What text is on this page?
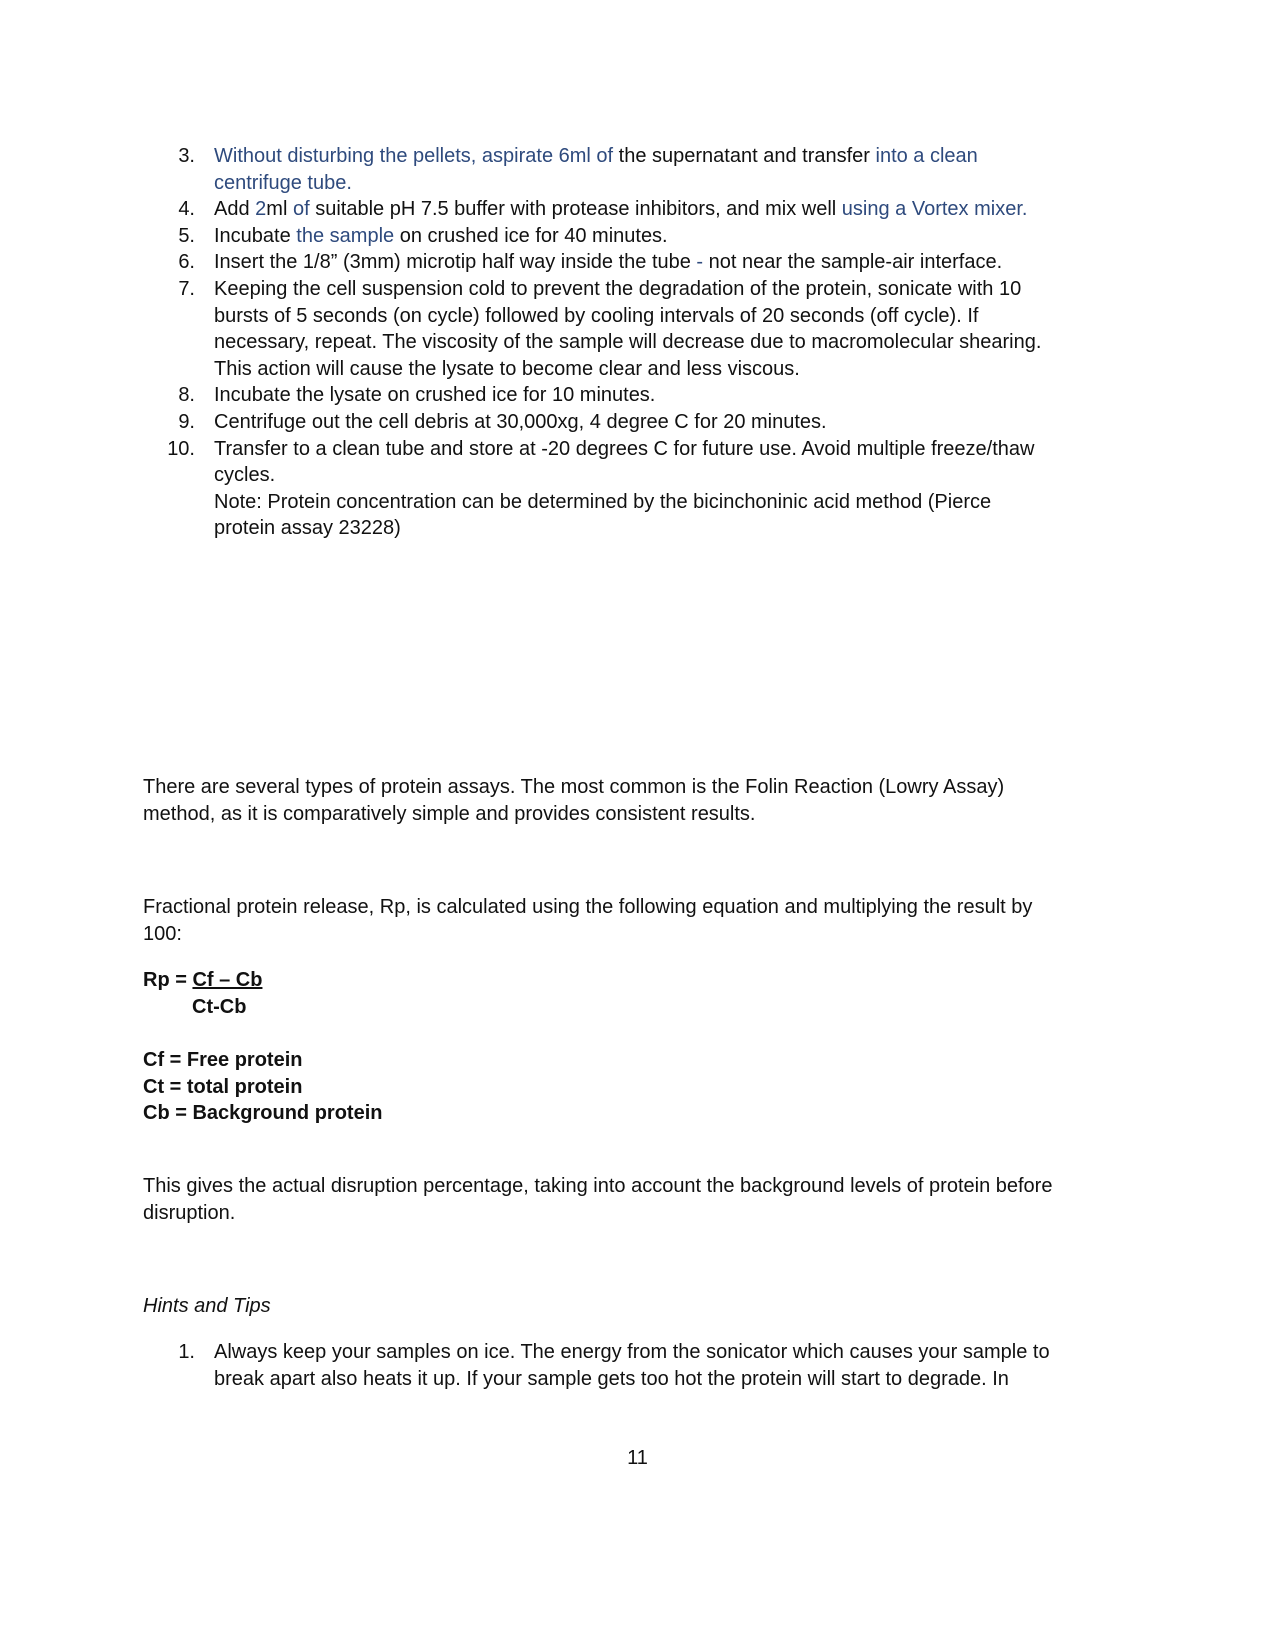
3. Without disturbing the pellets, aspirate 6ml of the supernatant and transfer into a clean
centrifuge tube.
4. Add 2ml of suitable pH 7.5 buffer with protease inhibitors, and mix well using a Vortex mixer.
5. Incubate the sample on crushed ice for 40 minutes.
6. Insert the 1/8” (3mm) microtip half way inside the tube - not near the sample-air interface.
7. Keeping the cell suspension cold to prevent the degradation of the protein, sonicate with 10
bursts of 5 seconds (on cycle) followed by cooling intervals of 20 seconds (off cycle). If
necessary, repeat. The viscosity of the sample will decrease due to macromolecular shearing.
This action will cause the lysate to become clear and less viscous.
8. Incubate the lysate on crushed ice for 10 minutes.
9. Centrifuge out the cell debris at 30,000xg, 4 degree C for 20 minutes.
10. Transfer to a clean tube and store at -20 degrees C for future use. Avoid multiple freeze/thaw
cycles.
Note: Protein concentration can be determined by the bicinchoninic acid method (Pierce
protein assay 23228)
There are several types of protein assays. The most common is the Folin Reaction (Lowry Assay)
method, as it is comparatively simple and provides consistent results.
Fractional protein release, Rp, is calculated using the following equation and multiplying the result by
100:
Rp = Cf – Cb
Ct-Cb
Cf = Free protein
Ct = total protein
Cb = Background protein
This gives the actual disruption percentage, taking into account the background levels of protein before
disruption.
Hints and Tips
1. Always keep your samples on ice. The energy from the sonicator which causes your sample to
break apart also heats it up. If your sample gets too hot the protein will start to degrade. In
11
